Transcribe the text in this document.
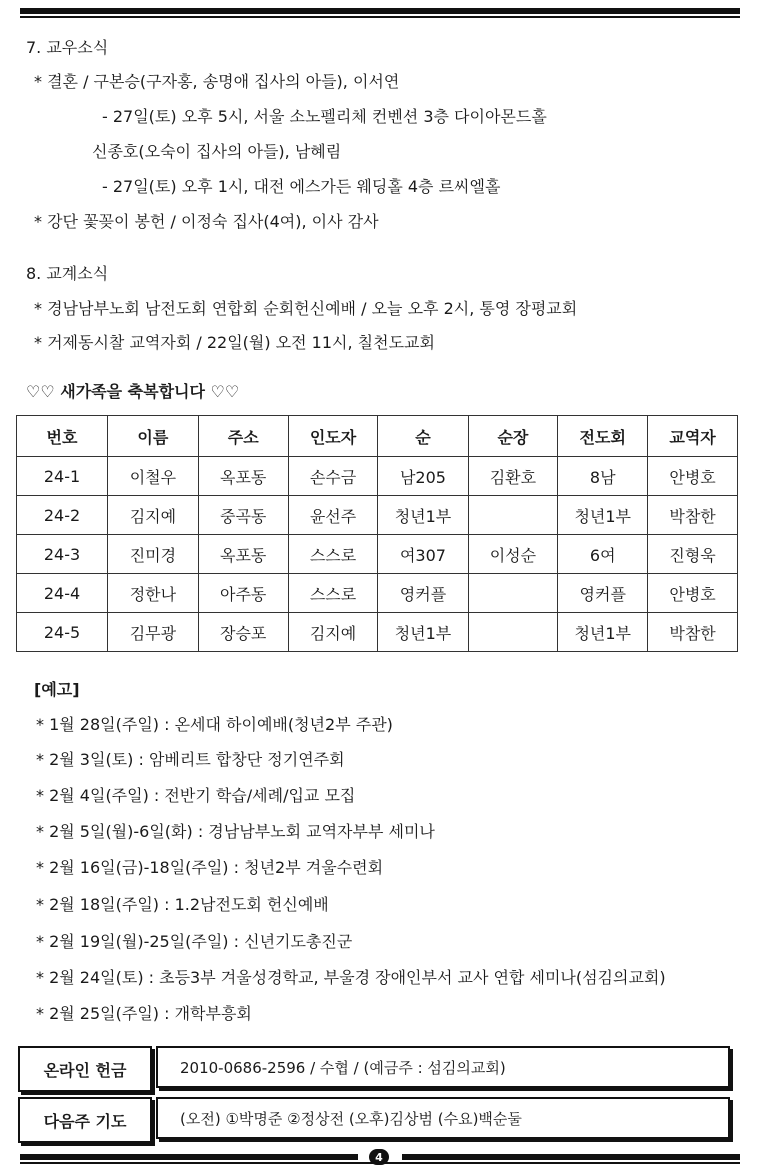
7. 교우소식
* 결혼 / 구본승(구자홍, 송명애 집사의 아들), 이서연
- 27일(토) 오후 5시, 서울 소노펠리체 컨벤션 3층 다이아몬드홀
신종호(오숙이 집사의 아들), 남혜림
- 27일(토) 오후 1시, 대전 에스가든 웨딩홀 4층 르씨엘홀
* 강단 꽃꽂이 봉헌 / 이정숙 집사(4여), 이사 감사
8. 교계소식
* 경남남부노회 남전도회 연합회 순회헌신예배 / 오늘 오후 2시, 통영 장평교회
* 거제동시찰 교역자회 / 22일(월) 오전 11시, 칠천도교회
♡♡ 새가족을 축복합니다 ♡♡
번호	이름	주소	인도자	순	순장	전도회	교역자
24-1	이철우	옥포동	손수금	남205	김환호	8남	안병호
24-2	김지예	중곡동	윤선주	청년1부		청년1부	박참한
24-3	진미경	옥포동	스스로	여307	이성순	6여	진형욱
24-4	정한나	아주동	스스로	영커플		영커플	안병호
24-5	김무광	장승포	김지예	청년1부		청년1부	박참한
[예고]
* 1월 28일(주일) : 온세대 하이예배(청년2부 주관)
* 2월 3일(토) : 암베리트 합창단 정기연주회
* 2월 4일(주일) : 전반기 학습/세례/입교 모집
* 2월 5일(월)-6일(화) : 경남남부노회 교역자부부 세미나
* 2월 16일(금)-18일(주일) : 청년2부 겨울수련회
* 2월 18일(주일) : 1.2남전도회 헌신예배
* 2월 19일(월)-25일(주일) : 신년기도총진군
* 2월 24일(토) : 초등3부 겨울성경학교, 부울경 장애인부서 교사 연합 세미나(섬김의교회)
* 2월 25일(주일) : 개학부흥회
온라인 헌금	2010-0686-2596 / 수협 / (예금주 : 섬김의교회)
다음주 기도	(오전) ①박명준 ②정상전 (오후)김상범 (수요)백순둘
4
